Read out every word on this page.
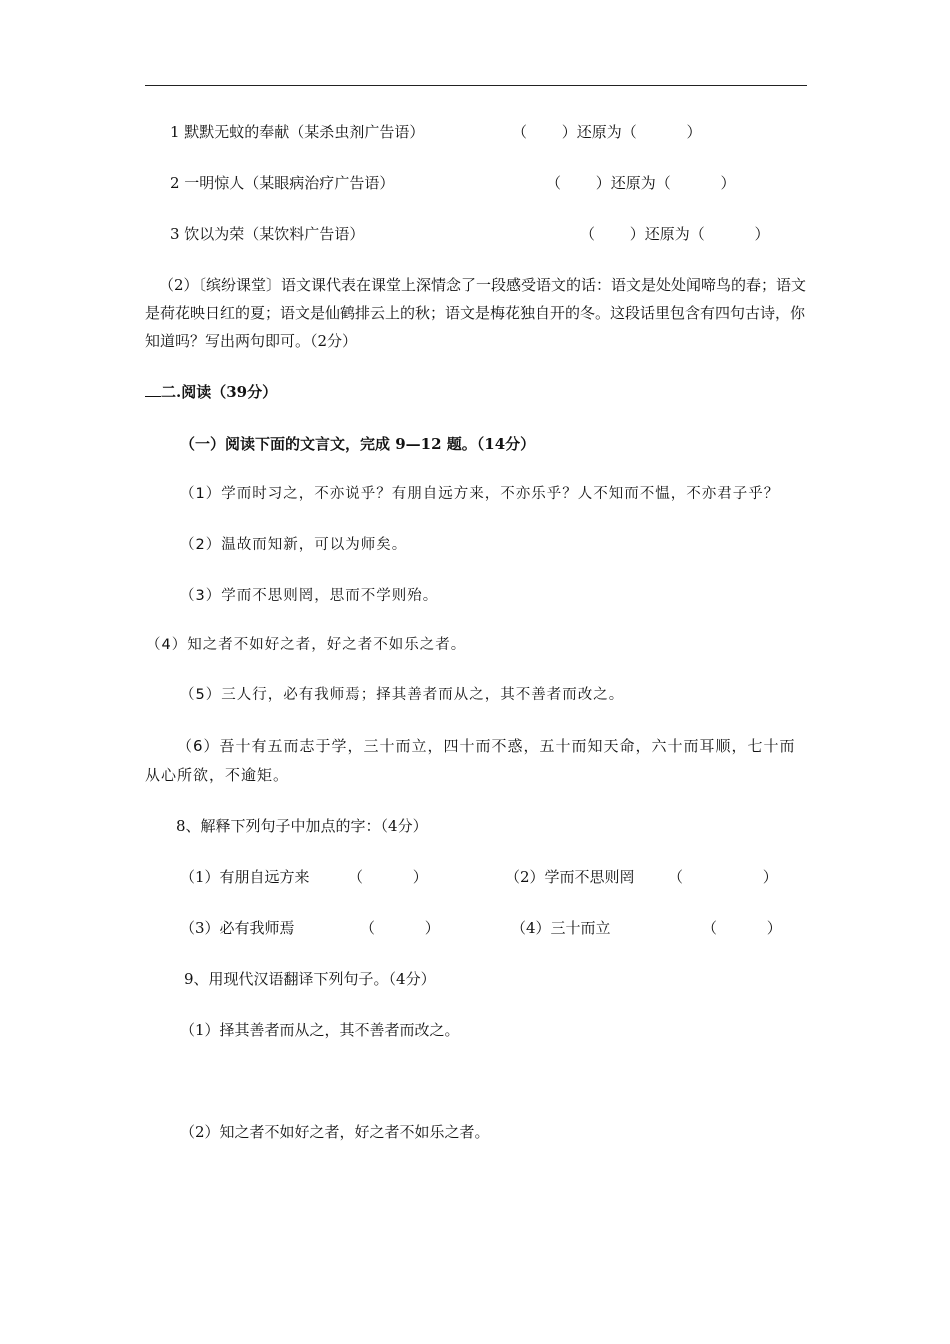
1 默默无蚊的奉献（某杀虫剂广告语）	（　　 ）还原为（　　　 ）
2 一明惊人（某眼病治疗广告语）	（　　 ）还原为（　　　 ）
3 饮以为荣（某饮料广告语）	（　　 ）还原为（　　　 ）
（2）〔缤纷课堂〕语文课代表在课堂上深情念了一段感受语文的话：语文是处处闻啼鸟的春；语文是荷花映日红的夏；语文是仙鹤排云上的秋；语文是梅花独自开的冬。这段话里包含有四句古诗，你知道吗？写出两句即可。（2分）
二.阅读（39分）
（一）阅读下面的文言文，完成 9—12 题。（14分）
（1）学而时习之，不亦说乎？有朋自远方来，不亦乐乎？人不知而不愠，不亦君子乎？
（2）温故而知新，可以为师矣。
（3）学而不思则罔，思而不学则殆。
（4）知之者不如好之者，好之者不如乐之者。
（5）三人行，必有我师焉；择其善者而从之，其不善者而改之。
（6）吾十有五而志于学，三十而立，四十而不惑，五十而知天命，六十而耳顺，七十而从心所欲，不逾矩。
8、解释下列句子中加点的字：（4分）
（1）有朋自远方来	（　　　 ）	（2）学而不思则罔 （　　　　　 ）
（3）必有我师焉	（　　　 ）	（4）三十而立	（　　　 ）
9、用现代汉语翻译下列句子。（4分）
（1）择其善者而从之，其不善者而改之。
（2）知之者不如好之者，好之者不如乐之者。
